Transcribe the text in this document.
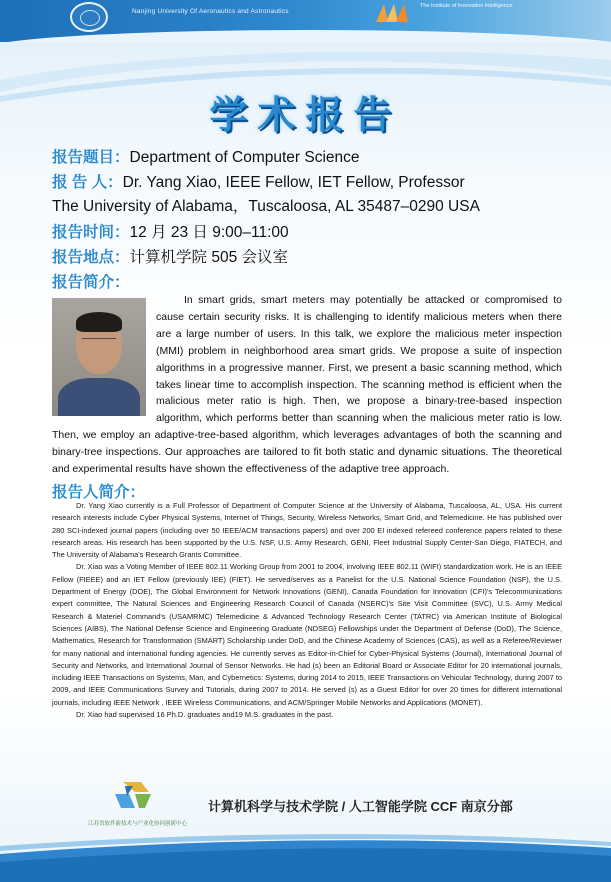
Nanjing University Of Aeronautics and Astronautics
The Institute of Innovation Intelligence
学术报告
报告题目：Department of Computer Science
报 告 人：Dr. Yang Xiao, IEEE Fellow, IET Fellow, Professor
The University of Alabama，Tuscaloosa, AL 35487–0290 USA
报告时间：12 月 23 日 9:00–11:00
报告地点：计算机学院 505 会议室
报告简介：
In smart grids, smart meters may potentially be attacked or compromised to cause certain security risks. It is challenging to identify malicious meters when there are a large number of users. In this talk, we explore the malicious meter inspection (MMI) problem in neighborhood area smart grids. We propose a suite of inspection algorithms in a progressive manner. First, we present a basic scanning method, which takes linear time to accomplish inspection. The scanning method is efficient when the malicious meter ratio is high. Then, we propose a binary-tree-based inspection algorithm, which performs better than scanning when the malicious meter ratio is low. Then, we employ an adaptive-tree-based algorithm, which leverages advantages of both the scanning and binary-tree inspections. Our approaches are tailored to fit both static and dynamic situations. The theoretical and experimental results have shown the effectiveness of the adaptive tree approach.
报告人简介：

Dr. Yang Xiao currently is a Full Professor of Department of Computer Science at the University of Alabama, Tuscaloosa, AL, USA. His current research interests include Cyber Physical Systems, Internet of Things, Security, Wireless Networks, Smart Grid, and Telemedicine. He has published over 280 SCI-indexed journal papers (including over 50 IEEE/ACM transactions papers) and over 200 EI indexed refereed conference papers related to these research areas. His research has been supported by the U.S. NSF, U.S. Army Research, GENI, Fleet Industrial Supply Center-San Diego, FIATECH, and The University of Alabama's Research Grants Committee.

Dr. Xiao was a Voting Member of IEEE 802.11 Working Group from 2001 to 2004, involving IEEE 802.11 (WIFI) standardization work. He is an IEEE Fellow (FIEEE) and an IET Fellow (previously IEE) (FIET). He served/serves as a Panelist for the U.S. National Science Foundation (NSF), the U.S. Department of Energy (DOE), The Global Environment for Network Innovations (GENI), Canada Foundation for Innovation (CFI)'s Telecommunications expert committee, The Natural Sciences and Engineering Research Council of Canada (NSERC)'s Site Visit Committee (SVC), U.S. Army Medical Research & Materiel Command's (USAMRMC) Telemedicine & Advanced Technology Research Center (TATRC) via American Institute of Biological Sciences (AIBS), The National Defense Science and Engineering Graduate (NDSEG) Fellowships under the Department of Defense (DoD), The Science, Mathematics, Research for Transformation (SMART) Scholarship under DoD, and the Chinese Academy of Sciences (CAS), as well as a Referee/Reviewer for many national and international funding agencies. He currently serves as Editor-in-Chief for Cyber-Physical Systems (Journal), International Journal of Security and Networks, and International Journal of Sensor Networks. He had (s) been an Editorial Board or Associate Editor for 20 international journals, including IEEE Transactions on Systems, Man, and Cybernetics: Systems, during 2014 to 2015, IEEE Transactions on Vehicular Technology, during 2007 to 2009, and IEEE Communications Survey and Tutorials, during 2007 to 2014. He served (s) as a Guest Editor for over 20 times for different international journals, including IEEE Network , IEEE Wireless Communications, and ACM/Springer Mobile Networks and Applications (MONET).

Dr. Xiao had supervised 16 Ph.D. graduates and19 M.S. graduates in the past.

江苏省软件新技术与产业化协同创新中心
计算机科学与技术学院 / 人工智能学院 CCF 南京分部
